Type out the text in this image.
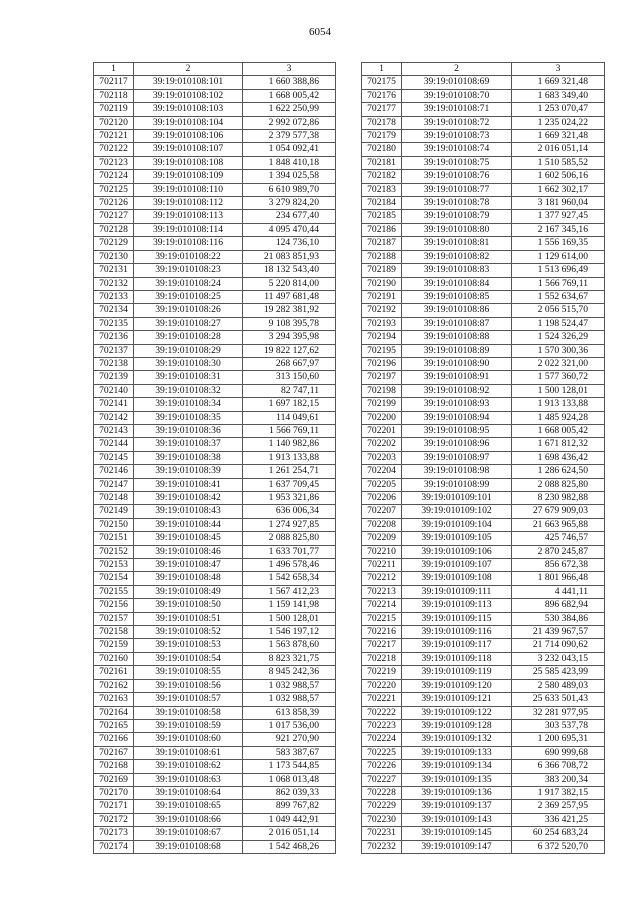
6054
1	2	3
702117	39:19:010108:101	1 660 388,86
702118	39:19:010108:102	1 668 005,42
702119	39:19:010108:103	1 622 250,99
702120	39:19:010108:104	2 992 072,86
702121	39:19:010108:106	2 379 577,38
702122	39:19:010108:107	1 054 092,41
702123	39:19:010108:108	1 848 410,18
702124	39:19:010108:109	1 394 025,58
702125	39:19:010108:110	6 610 989,70
702126	39:19:010108:112	3 279 824,20
702127	39:19:010108:113	234 677,40
702128	39:19:010108:114	4 095 470,44
702129	39:19:010108:116	124 736,10
702130	39:19:010108:22	21 083 851,93
702131	39:19:010108:23	18 132 543,40
702132	39:19:010108:24	5 220 814,00
702133	39:19:010108:25	11 497 681,48
702134	39:19:010108:26	19 282 381,92
702135	39:19:010108:27	9 108 395,78
702136	39:19:010108:28	3 294 395,98
702137	39:19:010108:29	19 822 127,62
702138	39:19:010108:30	268 667,97
702139	39:19:010108:31	313 150,60
702140	39:19:010108:32	82 747,11
702141	39:19:010108:34	1 697 182,15
702142	39:19:010108:35	114 049,61
702143	39:19:010108:36	1 566 769,11
702144	39:19:010108:37	1 140 982,86
702145	39:19:010108:38	1 913 133,88
702146	39:19:010108:39	1 261 254,71
702147	39:19:010108:41	1 637 709,45
702148	39:19:010108:42	1 953 321,86
702149	39:19:010108:43	636 006,34
702150	39:19:010108:44	1 274 927,85
702151	39:19:010108:45	2 088 825,80
702152	39:19:010108:46	1 633 701,77
702153	39:19:010108:47	1 496 578,46
702154	39:19:010108:48	1 542 658,34
702155	39:19:010108:49	1 567 412,23
702156	39:19:010108:50	1 159 141,98
702157	39:19:010108:51	1 500 128,01
702158	39:19:010108:52	1 546 197,12
702159	39:19:010108:53	1 563 878,60
702160	39:19:010108:54	8 823 321,75
702161	39:19:010108:55	8 945 242,36
702162	39:19:010108:56	1 032 988,57
702163	39:19:010108:57	1 032 988,57
702164	39:19:010108:58	613 858,39
702165	39:19:010108:59	1 017 536,00
702166	39:19:010108:60	921 270,90
702167	39:19:010108:61	583 387,67
702168	39:19:010108:62	1 173 544,85
702169	39:19:010108:63	1 068 013,48
702170	39:19:010108:64	862 039,33
702171	39:19:010108:65	899 767,82
702172	39:19:010108:66	1 049 442,91
702173	39:19:010108:67	2 016 051,14
702174	39:19:010108:68	1 542 468,26
1	2	3
702175	39:19:010108:69	1 669 321,48
702176	39:19:010108:70	1 683 349,40
702177	39:19:010108:71	1 253 070,47
702178	39:19:010108:72	1 235 024,22
702179	39:19:010108:73	1 669 321,48
702180	39:19:010108:74	2 016 051,14
702181	39:19:010108:75	1 510 585,52
702182	39:19:010108:76	1 602 506,16
702183	39:19:010108:77	1 662 302,17
702184	39:19:010108:78	3 181 960,04
702185	39:19:010108:79	1 377 927,45
702186	39:19:010108:80	2 167 345,16
702187	39:19:010108:81	1 556 169,35
702188	39:19:010108:82	1 129 614,00
702189	39:19:010108:83	1 513 696,49
702190	39:19:010108:84	1 566 769,11
702191	39:19:010108:85	1 552 634,67
702192	39:19:010108:86	2 056 515,70
702193	39:19:010108:87	1 198 524,47
702194	39:19:010108:88	1 524 326,29
702195	39:19:010108:89	1 570 300,36
702196	39:19:010108:90	2 022 321,00
702197	39:19:010108:91	1 577 360,72
702198	39:19:010108:92	1 500 128,01
702199	39:19:010108:93	1 913 133,88
702200	39:19:010108:94	1 485 924,28
702201	39:19:010108:95	1 668 005,42
702202	39:19:010108:96	1 671 812,32
702203	39:19:010108:97	1 698 436,42
702204	39:19:010108:98	1 286 624,50
702205	39:19:010108:99	2 088 825,80
702206	39:19:010109:101	8 230 982,88
702207	39:19:010109:102	27 679 909,03
702208	39:19:010109:104	21 663 965,88
702209	39:19:010109:105	425 746,57
702210	39:19:010109:106	2 870 245,87
702211	39:19:010109:107	856 672,38
702212	39:19:010109:108	1 801 966,48
702213	39:19:010109:111	4 441,11
702214	39:19:010109:113	896 682,94
702215	39:19:010109:115	530 384,86
702216	39:19:010109:116	21 439 967,57
702217	39:19:010109:117	21 714 090,62
702218	39:19:010109:118	3 232 043,15
702219	39:19:010109:119	25 585 423,99
702220	39:19:010109:120	2 580 489,03
702221	39:19:010109:121	25 633 501,43
702222	39:19:010109:122	32 281 977,95
702223	39:19:010109:128	303 537,78
702224	39:19:010109:132	1 200 695,31
702225	39:19:010109:133	690 999,68
702226	39:19:010109:134	6 366 708,72
702227	39:19:010109:135	383 200,34
702228	39:19:010109:136	1 917 382,15
702229	39:19:010109:137	2 369 257,95
702230	39:19:010109:143	336 421,25
702231	39:19:010109:145	60 254 683,24
702232	39:19:010109:147	6 372 520,70
